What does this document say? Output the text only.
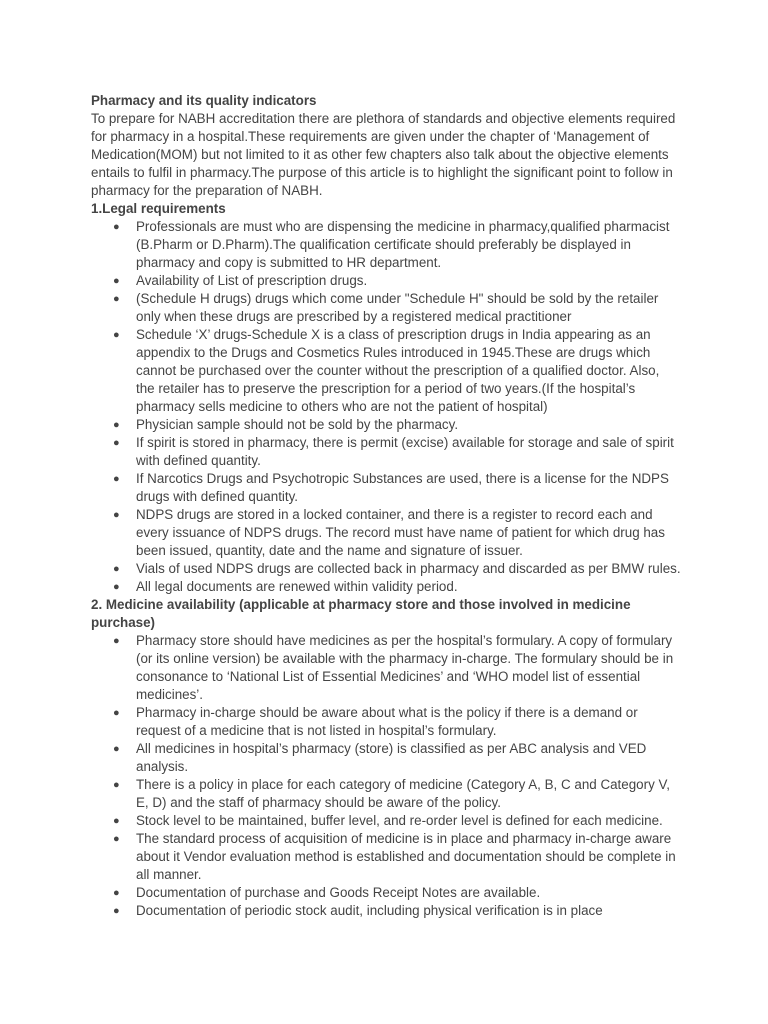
Pharmacy and its quality indicators

To prepare for NABH accreditation there are plethora of standards and objective elements required for pharmacy in a hospital.These requirements are given under the chapter of ‘Management of Medication(MOM) but not limited to it as other few chapters also talk about the objective elements entails to fulfil in pharmacy.The purpose of this article is to highlight the significant point to follow in pharmacy for the preparation of NABH.

1.Legal requirements

● Professionals are must who are dispensing the medicine in pharmacy,qualified pharmacist (B.Pharm or D.Pharm).The qualification certificate should preferably be displayed in pharmacy and copy is submitted to HR department.
● Availability of List of prescription drugs.
● (Schedule H drugs) drugs which come under "Schedule H" should be sold by the retailer only when these drugs are prescribed by a registered medical practitioner
● Schedule ‘X’ drugs-Schedule X is a class of prescription drugs in India appearing as an appendix to the Drugs and Cosmetics Rules introduced in 1945.These are drugs which cannot be purchased over the counter without the prescription of a qualified doctor. Also, the retailer has to preserve the prescription for a period of two years.(If the hospital’s pharmacy sells medicine to others who are not the patient of hospital)
● Physician sample should not be sold by the pharmacy.
● If spirit is stored in pharmacy, there is permit (excise) available for storage and sale of spirit with defined quantity.
● If Narcotics Drugs and Psychotropic Substances are used, there is a license for the NDPS drugs with defined quantity.
● NDPS drugs are stored in a locked container, and there is a register to record each and every issuance of NDPS drugs. The record must have name of patient for which drug has been issued, quantity, date and the name and signature of issuer.
● Vials of used NDPS drugs are collected back in pharmacy and discarded as per BMW rules.
● All legal documents are renewed within validity period.

2. Medicine availability (applicable at pharmacy store and those involved in medicine purchase)

● Pharmacy store should have medicines as per the hospital’s formulary. A copy of formulary (or its online version) be available with the pharmacy in-charge. The formulary should be in consonance to ‘National List of Essential Medicines’ and ‘WHO model list of essential medicines’.
● Pharmacy in-charge should be aware about what is the policy if there is a demand or request of a medicine that is not listed in hospital’s formulary.
● All medicines in hospital’s pharmacy (store) is classified as per ABC analysis and VED analysis.
● There is a policy in place for each category of medicine (Category A, B, C and Category V, E, D) and the staff of pharmacy should be aware of the policy.
● Stock level to be maintained, buffer level, and re-order level is defined for each medicine.
● The standard process of acquisition of medicine is in place and pharmacy in-charge aware about it Vendor evaluation method is established and documentation should be complete in all manner.
● Documentation of purchase and Goods Receipt Notes are available.
● Documentation of periodic stock audit, including physical verification is in place
